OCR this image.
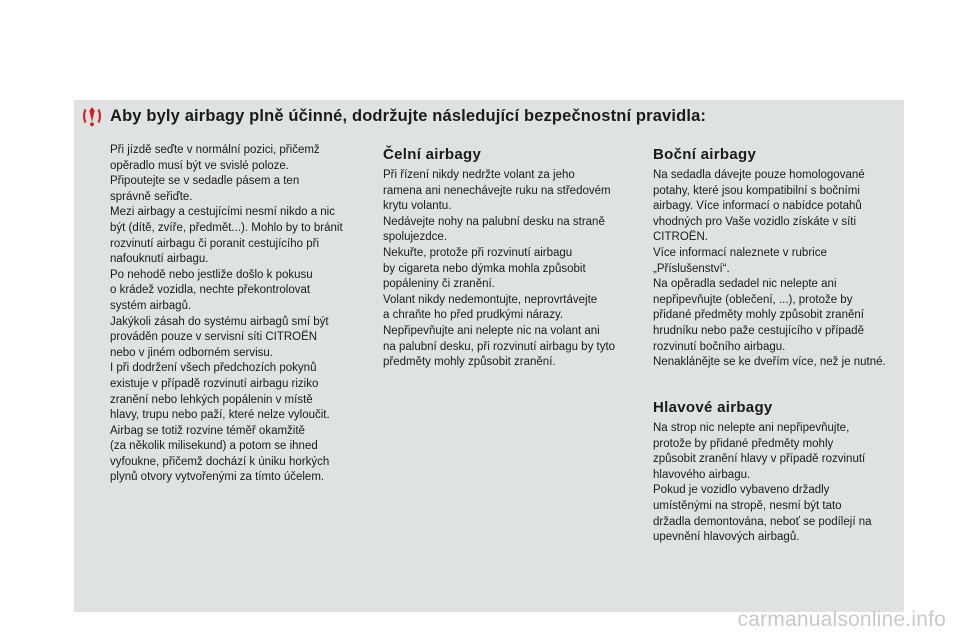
Aby byly airbagy plně účinné, dodržujte následující bezpečnostní pravidla:

Při jízdě seďte v normální pozici, přičemž

opěradlo musí být ve svislé poloze.

Připoutejte se v sedadle pásem a ten

správně seřiďte.

Mezi airbagy a cestujícími nesmí nikdo a nic

být (dítě, zvíře, předmět...). Mohlo by to bránit

rozvinutí airbagu či poranit cestujícího při

nafouknutí airbagu.

Po nehodě nebo jestliže došlo k pokusu

o krádež vozidla, nechte překontrolovat

systém airbagů.

Jakýkoli zásah do systému airbagů smí být

prováděn pouze v servisní síti CITROËN

nebo v jiném odborném servisu.

I při dodržení všech předchozích pokynů

existuje v případě rozvinutí airbagu riziko

zranění nebo lehkých popálenin v místě

hlavy, trupu nebo paží, které nelze vyloučit.

Airbag se totiž rozvine téměř okamžitě

(za několik milisekund) a potom se ihned

vyfoukne, přičemž dochází k úniku horkých

plynů otvory vytvořenými za tímto účelem.

Čelní airbagy

Při řízení nikdy nedržte volant za jeho

ramena ani nenechávejte ruku na středovém

krytu volantu.

Nedávejte nohy na palubní desku na straně

spolujezdce.

Nekuřte, protože při rozvinutí airbagu

by cigareta nebo dýmka mohla způsobit

popáleniny či zranění.

Volant nikdy nedemontujte, neprovrtávejte

a chraňte ho před prudkými nárazy.

Nepřipevňujte ani nelepte nic na volant ani

na palubní desku, při rozvinutí airbagu by tyto

předměty mohly způsobit zranění.

Boční airbagy

Na sedadla dávejte pouze homologované

potahy, které jsou kompatibilní s bočními

airbagy. Více informací o nabídce potahů

vhodných pro Vaše vozidlo získáte v síti

CITROËN.

Více informací naleznete v rubrice

„Příslušenství“.

Na opěradla sedadel nic nelepte ani

nepřipevňujte (oblečení, ...), protože by

přidané předměty mohly způsobit zranění

hrudníku nebo paže cestujícího v případě

rozvinutí bočního airbagu.

Nenaklánějte se ke dveřím více, než je nutné.

Hlavové airbagy

Na strop nic nelepte ani nepřipevňujte,

protože by přidané předměty mohly

způsobit zranění hlavy v případě rozvinutí

hlavového airbagu.

Pokud je vozidlo vybaveno držadly

umístěnými na stropě, nesmí být tato

držadla demontována, neboť se podílejí na

upevnění hlavových airbagů.

carmanualsonline.info
